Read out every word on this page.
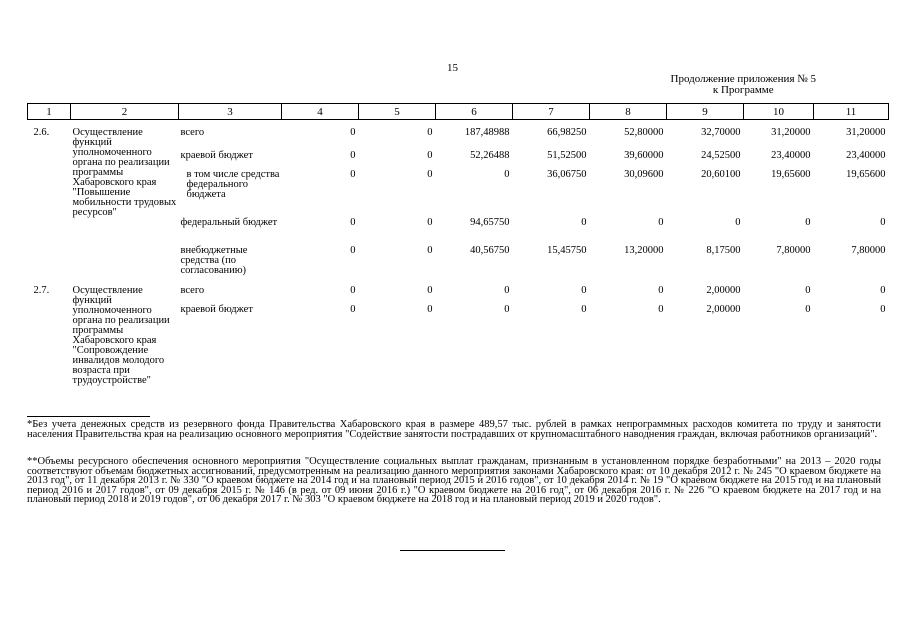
15
Продолжение приложения № 5
к Программе
1	2	3	4	5	6	7	8	9	10	11

2.6.	Осуществление функций уполномоченного органа по реализации программы Хабаровского края "Повышение мобильности трудовых ресурсов"	всего	0	0	187,48988	66,98250	52,80000	32,70000	31,20000	31,20000

		краевой бюджет	0	0	52,26488	51,52500	39,60000	24,52500	23,40000	23,40000

		в том числе средства федерального бюджета	0	0	0	36,06750	30,09600	20,60100	19,65600	19,65600
		федеральный бюджет	0	0	94,65750	0	0	0	0	0
		внебюджетные средства (по согласованию)	0	0	40,56750	15,45750	13,20000	8,17500	7,80000	7,80000
2.7.	Осуществление функций уполномоченного органа по реализации программы Хабаровского края "Сопровождение инвалидов молодого возраста при трудоустройстве"	всего	0	0	0	0	0	2,00000	0	0
		краевой бюджет	0	0	0	0	0	2,00000	0	0

*Без учета денежных средств из резервного фонда Правительства Хабаровского края в размере 489,57 тыс. рублей в рамках непрограммных расходов комитета по труду и занятости населения Правительства края на реализацию основного мероприятия "Содействие занятости пострадавших от крупномасштабного наводнения граждан, включая работников организаций".
**Объемы ресурсного обеспечения основного мероприятия "Осуществление социальных выплат гражданам, признанным в установленном порядке безработными" на 2013 – 2020 годы соответствуют объемам бюджетных ассигнований, предусмотренным на реализацию данного мероприятия законами Хабаровского края: от 10 декабря 2012 г. № 245 "О краевом бюджете на 2013 год", от 11 декабря 2013 г. № 330 "О краевом бюджете на 2014 год и на плановый период 2015 и 2016 годов", от 10 декабря 2014 г. № 19 "О краевом бюджете на 2015 год и на плановый период 2016 и 2017 годов", от 09 декабря 2015 г. № 146 (в ред. от 09 июня 2016 г.) "О краевом бюджете на 2016 год", от 06 декабря 2016 г. № 226 "О краевом бюджете на 2017 год и на плановый период 2018 и 2019 годов", от 06 декабря 2017 г. № 303 "О краевом бюджете на 2018 год и на плановый период 2019 и 2020 годов".
